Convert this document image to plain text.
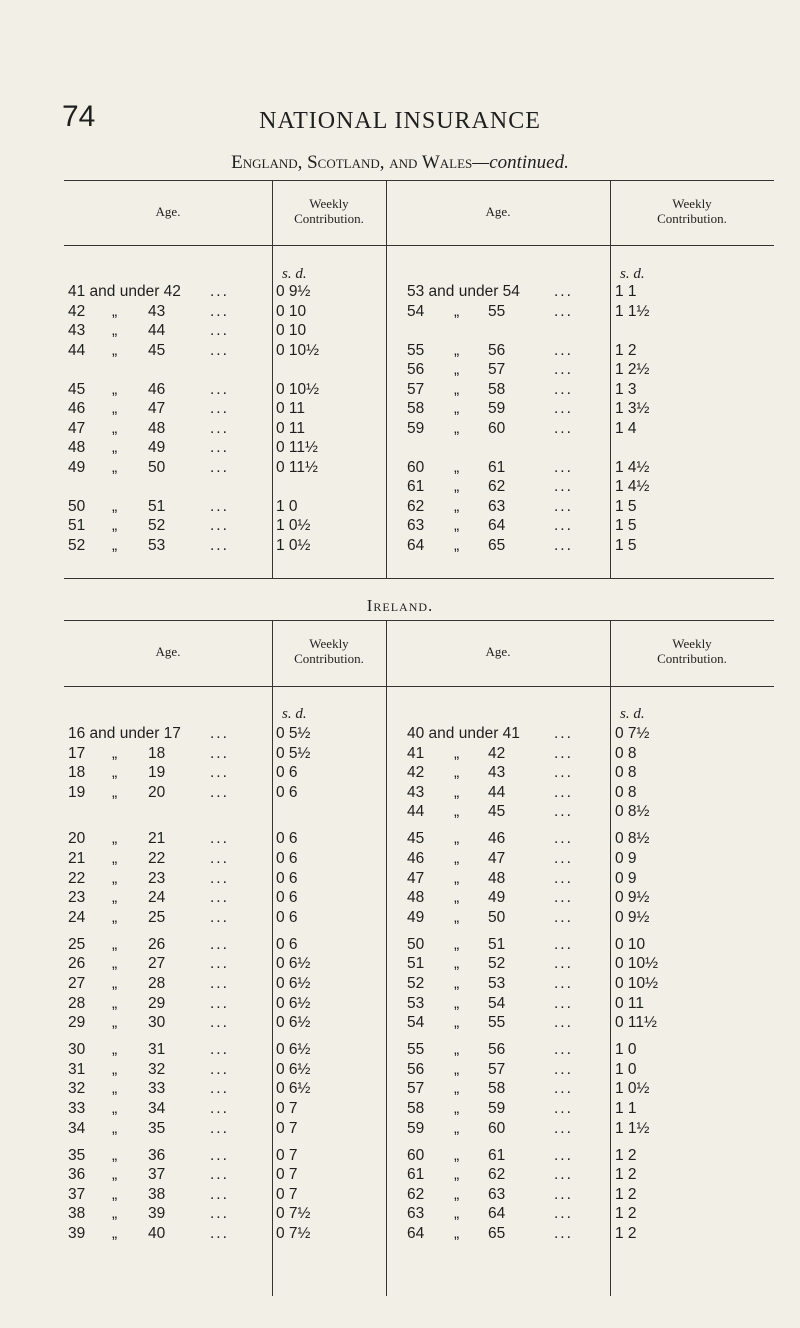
74	NATIONAL INSURANCE
England, Scotland, and Wales—continued.
Age.
Weekly
Contribution.	Age.
Weekly
Contribution.
s. d.	s. d.
41 and under 42 ...	0 9½	53 and under 54 ...	1 1
42 „ 43	...	0 10	54 „ 55	...	1 1½
43 „ 44	...	0 10
44 „ 45	...	0 10½	55 „ 56	...	1 2
56 „ 57	...	1 2½
45 „ 46	...	0 10½	57 „ 58	...	1 3
46 „ 47	...	0 11	58 „ 59	...	1 3½
47 „ 48	...	0 11	59 „ 60	...	1 4
48 „ 49	...	0 11½
49 „ 50	...	0 11½	60 „ 61	...	1 4½
61 „ 62	...	1 4½
50 „ 51	...	1 0	62 „ 63	...	1 5
51 „ 52	...	1 0½	63 „ 64	...	1 5
52 „ 53	...	1 0½	64 „ 65	...	1 5
Ireland.
Age.
Weekly
Contribution.	Age.
Weekly
Contribution.
s. d.	s. d.
16 and under 17 ...	0 5½	40 and under 41 ...	0 7½
17 „ 18	...	0 5½	41 „ 42	...	0 8
18 „ 19	...	0 6	42 „ 43	...	0 8
19 „ 20	...	0 6	43 „ 44	...	0 8
44 „ 45	...	0 8½
20 „ 21	...	0 6	45 „ 46	...	0 8½
21 „ 22	...	0 6	46 „ 47	...	0 9
22 „ 23	...	0 6	47 „ 48	...	0 9
23 „ 24	...	0 6	48 „ 49	...	0 9½
24 „ 25	...	0 6	49 „ 50	...	0 9½
25 „ 26	...	0 6	50 „ 51	...	0 10
26 „ 27	...	0 6½	51 „ 52	...	0 10½
27 „ 28	...	0 6½	52 „ 53	...	0 10½
28 „ 29	...	0 6½	53 „ 54	...	0 11
29 „ 30	...	0 6½	54 „ 55	...	0 11½
30 „ 31	...	0 6½	55 „ 56	...	1 0
31 „ 32	...	0 6½	56 „ 57	...	1 0
32 „ 33	...	0 6½	57 „ 58	...	1 0½
33 „ 34	...	0 7	58 „ 59	...	1 1
34 „ 35	...	0 7	59 „ 60	...	1 1½
35 „ 36	...	0 7	60 „ 61	...	1 2
36 „ 37	...	0 7	61 „ 62	...	1 2
37 „ 38	...	0 7	62 „ 63	...	1 2
38 „ 39	...	0 7½	63 „ 64	...	1 2
39 „ 40	...	0 7½	64 „ 65	...	1 2
